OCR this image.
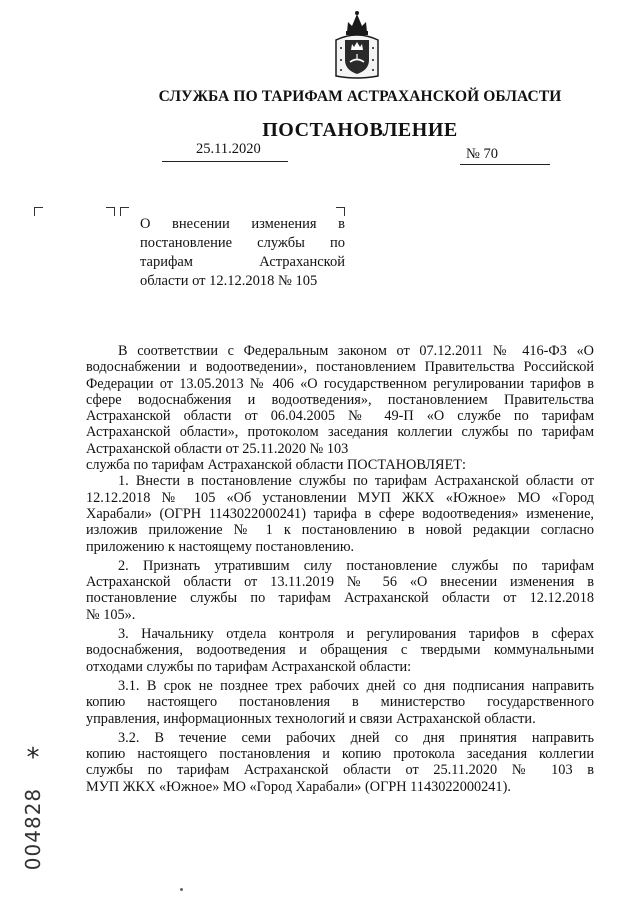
СЛУЖБА ПО ТАРИФАМ АСТРАХАНСКОЙ ОБЛАСТИ
ПОСТАНОВЛЕНИЕ
25.11.2020	№ 70
О внесении изменения в
постановление службы по
тарифам Астраханской
области от 12.12.2018 № 105
В соответствии с Федеральным законом от 07.12.2011 № 416-ФЗ «О
водоснабжении и водоотведении», постановлением Правительства Российской
Федерации от 13.05.2013 № 406 «О государственном регулировании тарифов в
сфере водоснабжения и водоотведения», постановлением Правительства
Астраханской области от 06.04.2005 № 49-П «О службе по тарифам
Астраханской области», протоколом заседания коллегии службы по тарифам
Астраханской области от 25.11.2020 № 103
служба по тарифам Астраханской области ПОСТАНОВЛЯЕТ:
1. Внести в постановление службы по тарифам Астраханской области от
12.12.2018 № 105 «Об установлении МУП ЖКХ «Южное» МО «Город
Харабали» (ОГРН 1143022000241) тарифа в сфере водоотведения» изменение,
изложив приложение № 1 к постановлению в новой редакции согласно
приложению к настоящему постановлению.
2. Признать утратившим силу постановление службы по тарифам
Астраханской области от 13.11.2019 № 56 «О внесении изменения в
постановление службы по тарифам Астраханской области от 12.12.2018
№ 105».
3. Начальнику отдела контроля и регулирования тарифов в сферах
водоснабжения, водоотведения и обращения с твердыми коммунальными
отходами службы по тарифам Астраханской области:
3.1. В срок не позднее трех рабочих дней со дня подписания направить
копию настоящего постановления в министерство государственного
управления, информационных технологий и связи Астраханской области.
3.2. В течение семи рабочих дней со дня принятия направить
копию настоящего постановления и копию протокола заседания коллегии
службы по тарифам Астраханской области от 25.11.2020 № 103 в
МУП ЖКХ «Южное» МО «Город Харабали» (ОГРН 1143022000241).
*
004828
